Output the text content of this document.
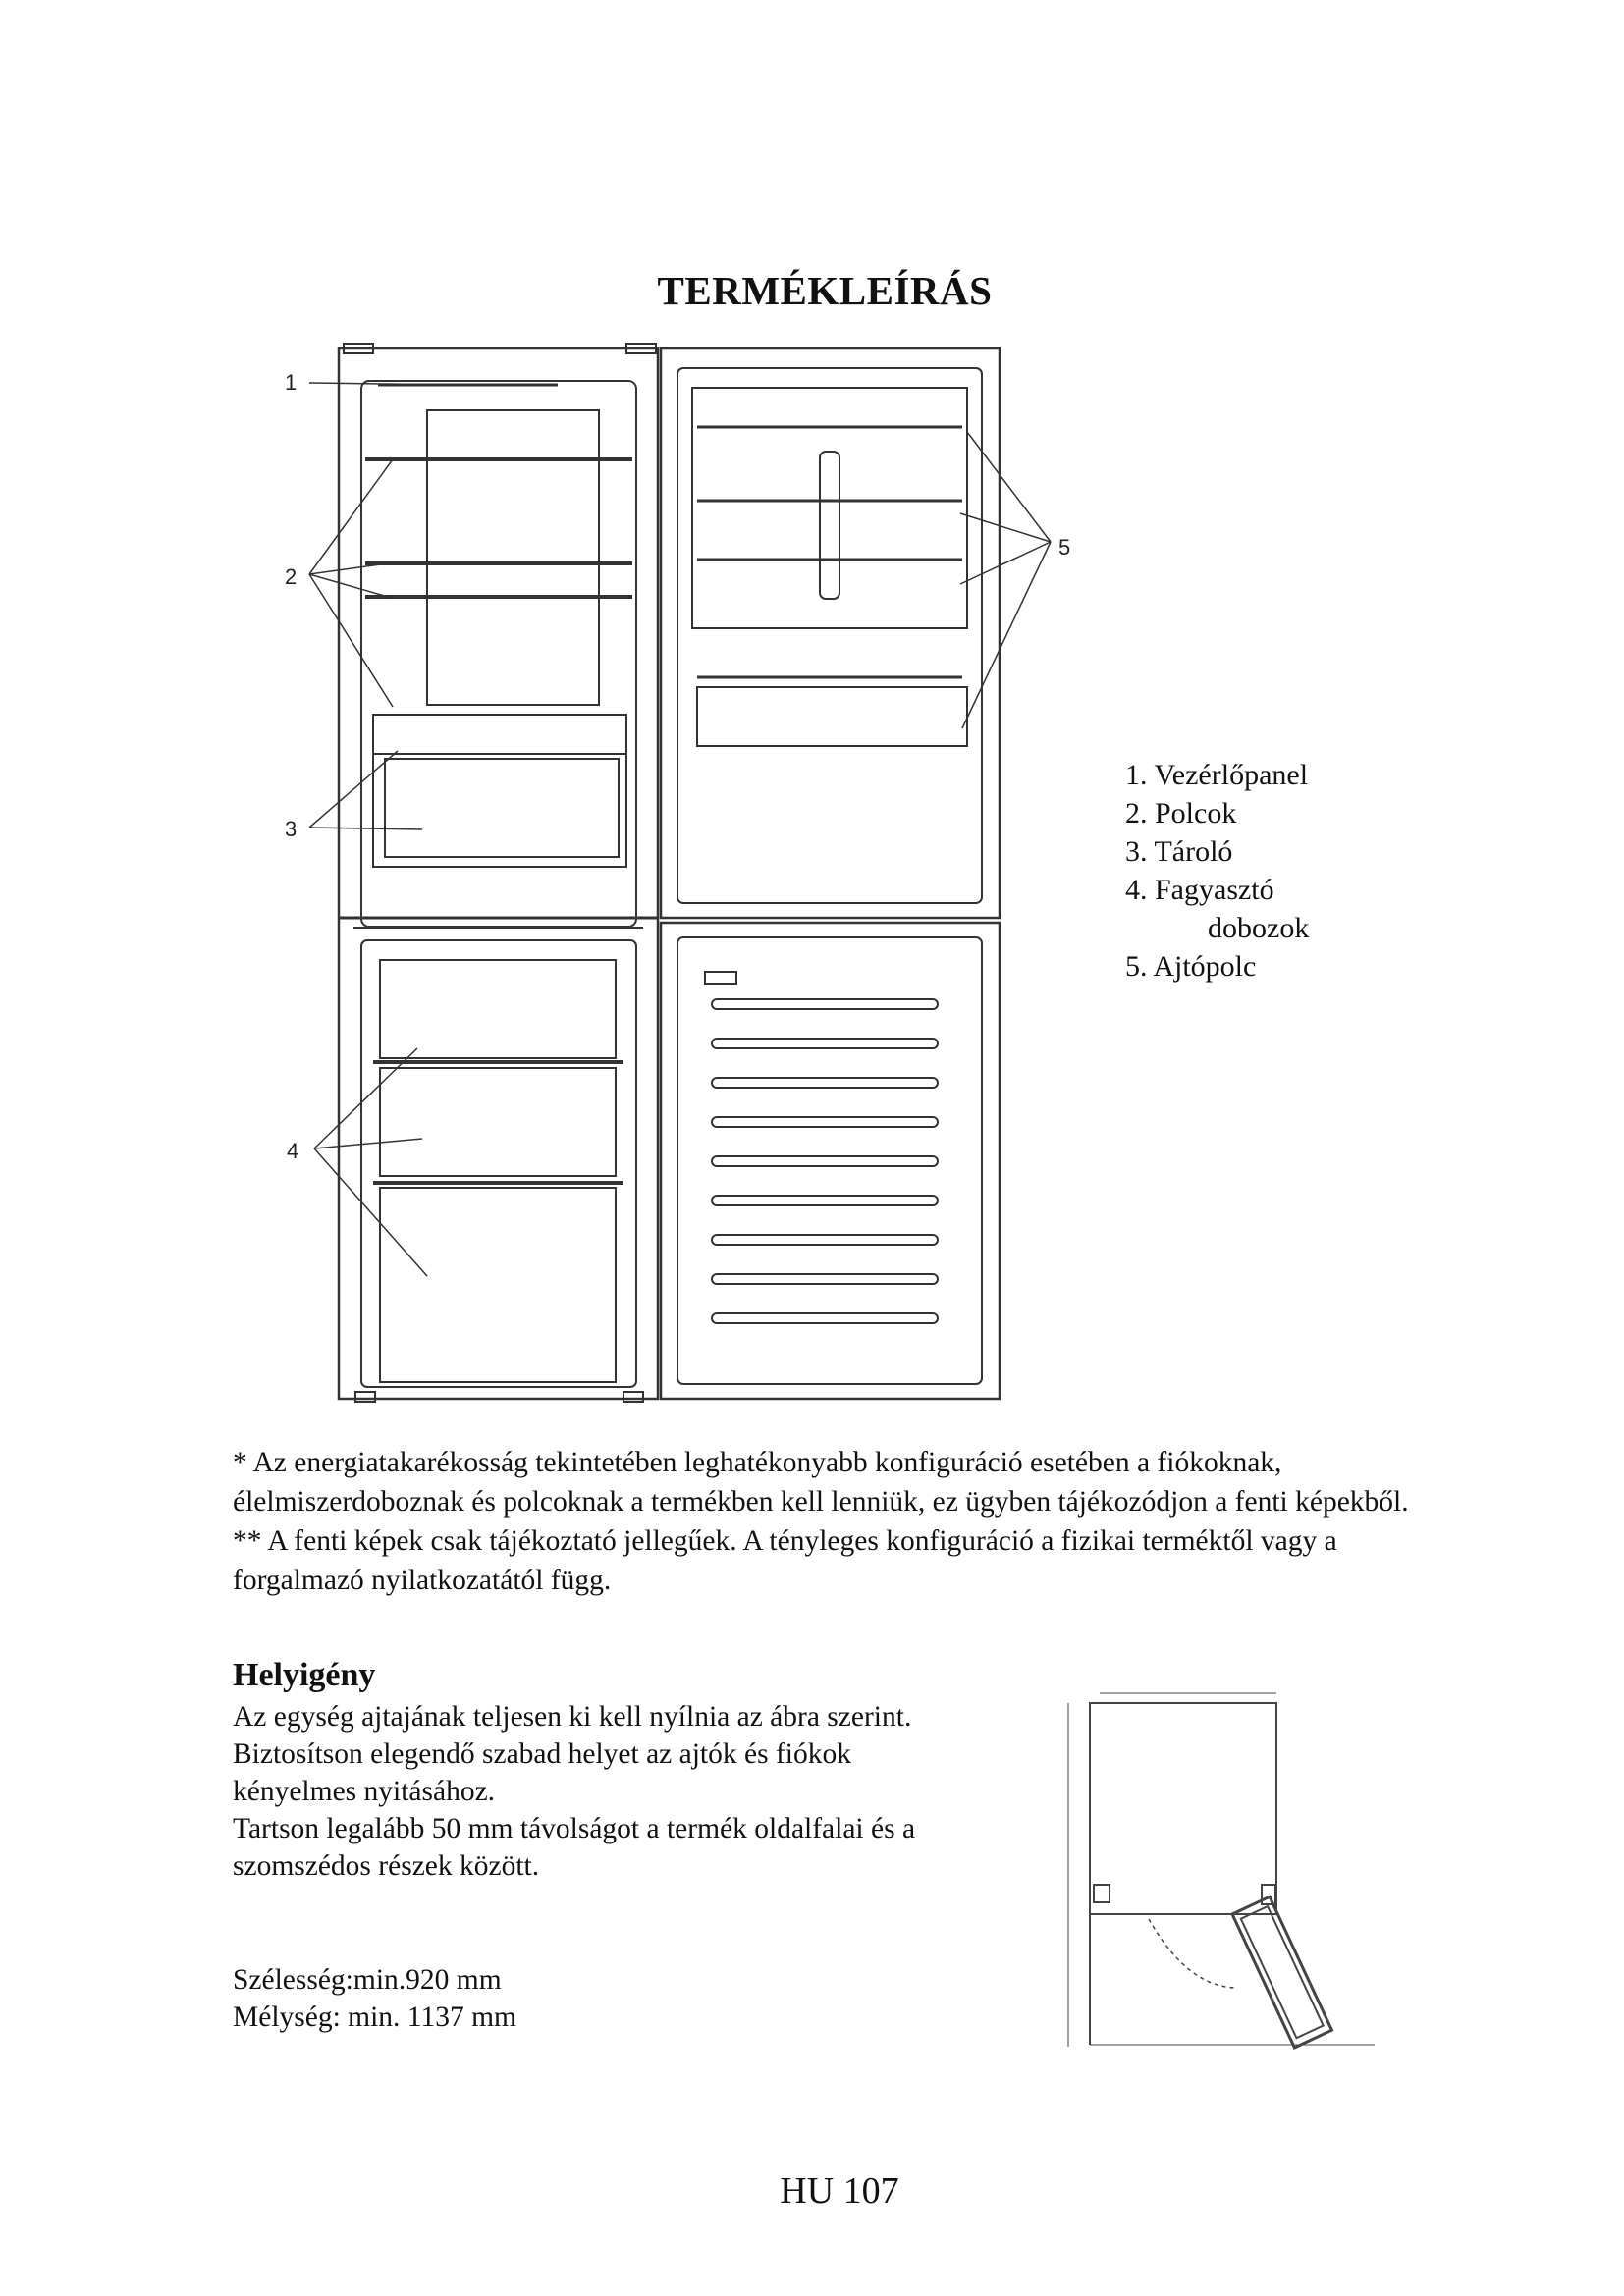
TERMÉKLEÍRÁS
1
2
3
4
5
1. Vezérlőpanel
2. Polcok
3. Tároló
4. Fagyasztó
dobozok
5. Ajtópolc

* Az energiatakarékosság tekintetében leghatékonyabb konfiguráció esetében a fiókoknak, élelmiszerdoboznak és polcoknak a termékben kell lenniük, ez ügyben tájékozódjon a fenti képekből.

** A fenti képek csak tájékoztató jellegűek. A tényleges konfiguráció a fizikai terméktől vagy a forgalmazó nyilatkozatától függ.

Helyigény

Az egység ajtajának teljesen ki kell nyílnia az ábra szerint. Biztosítson elegendő szabad helyet az ajtók és fiókok kényelmes nyitásához.

Tartson legalább 50 mm távolságot a termék oldalfalai és a szomszédos részek között.

Szélesség:min.920 mm

Mélység: min. 1137 mm

HU 107
